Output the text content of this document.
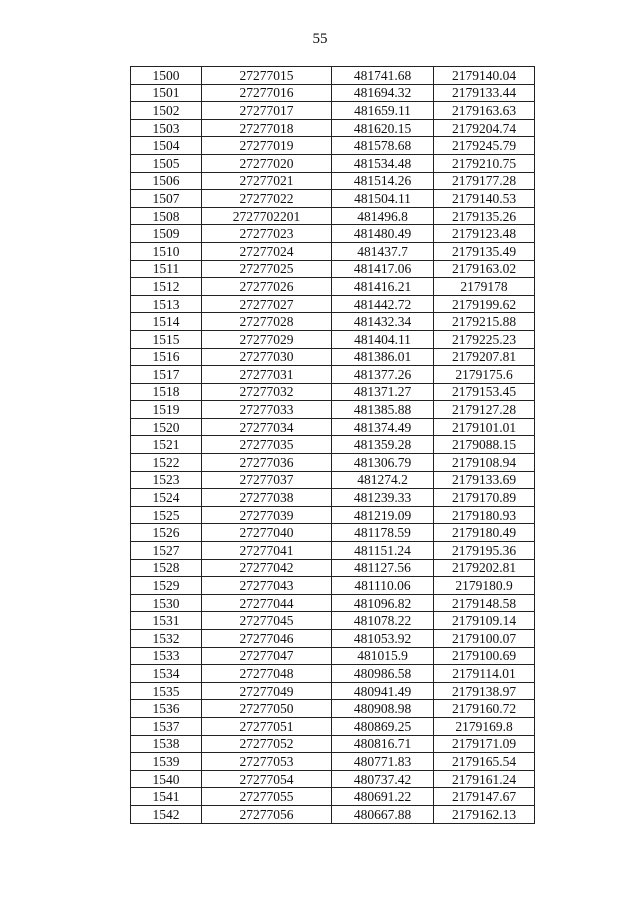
55
1500	27277015	481741.68	2179140.04
1501	27277016	481694.32	2179133.44
1502	27277017	481659.11	2179163.63
1503	27277018	481620.15	2179204.74
1504	27277019	481578.68	2179245.79
1505	27277020	481534.48	2179210.75
1506	27277021	481514.26	2179177.28
1507	27277022	481504.11	2179140.53
1508	2727702201	481496.8	2179135.26
1509	27277023	481480.49	2179123.48
1510	27277024	481437.7	2179135.49
1511	27277025	481417.06	2179163.02
1512	27277026	481416.21	2179178
1513	27277027	481442.72	2179199.62
1514	27277028	481432.34	2179215.88
1515	27277029	481404.11	2179225.23
1516	27277030	481386.01	2179207.81
1517	27277031	481377.26	2179175.6
1518	27277032	481371.27	2179153.45
1519	27277033	481385.88	2179127.28
1520	27277034	481374.49	2179101.01
1521	27277035	481359.28	2179088.15
1522	27277036	481306.79	2179108.94
1523	27277037	481274.2	2179133.69
1524	27277038	481239.33	2179170.89
1525	27277039	481219.09	2179180.93
1526	27277040	481178.59	2179180.49
1527	27277041	481151.24	2179195.36
1528	27277042	481127.56	2179202.81
1529	27277043	481110.06	2179180.9
1530	27277044	481096.82	2179148.58
1531	27277045	481078.22	2179109.14
1532	27277046	481053.92	2179100.07
1533	27277047	481015.9	2179100.69
1534	27277048	480986.58	2179114.01
1535	27277049	480941.49	2179138.97
1536	27277050	480908.98	2179160.72
1537	27277051	480869.25	2179169.8
1538	27277052	480816.71	2179171.09
1539	27277053	480771.83	2179165.54
1540	27277054	480737.42	2179161.24
1541	27277055	480691.22	2179147.67
1542	27277056	480667.88	2179162.13
